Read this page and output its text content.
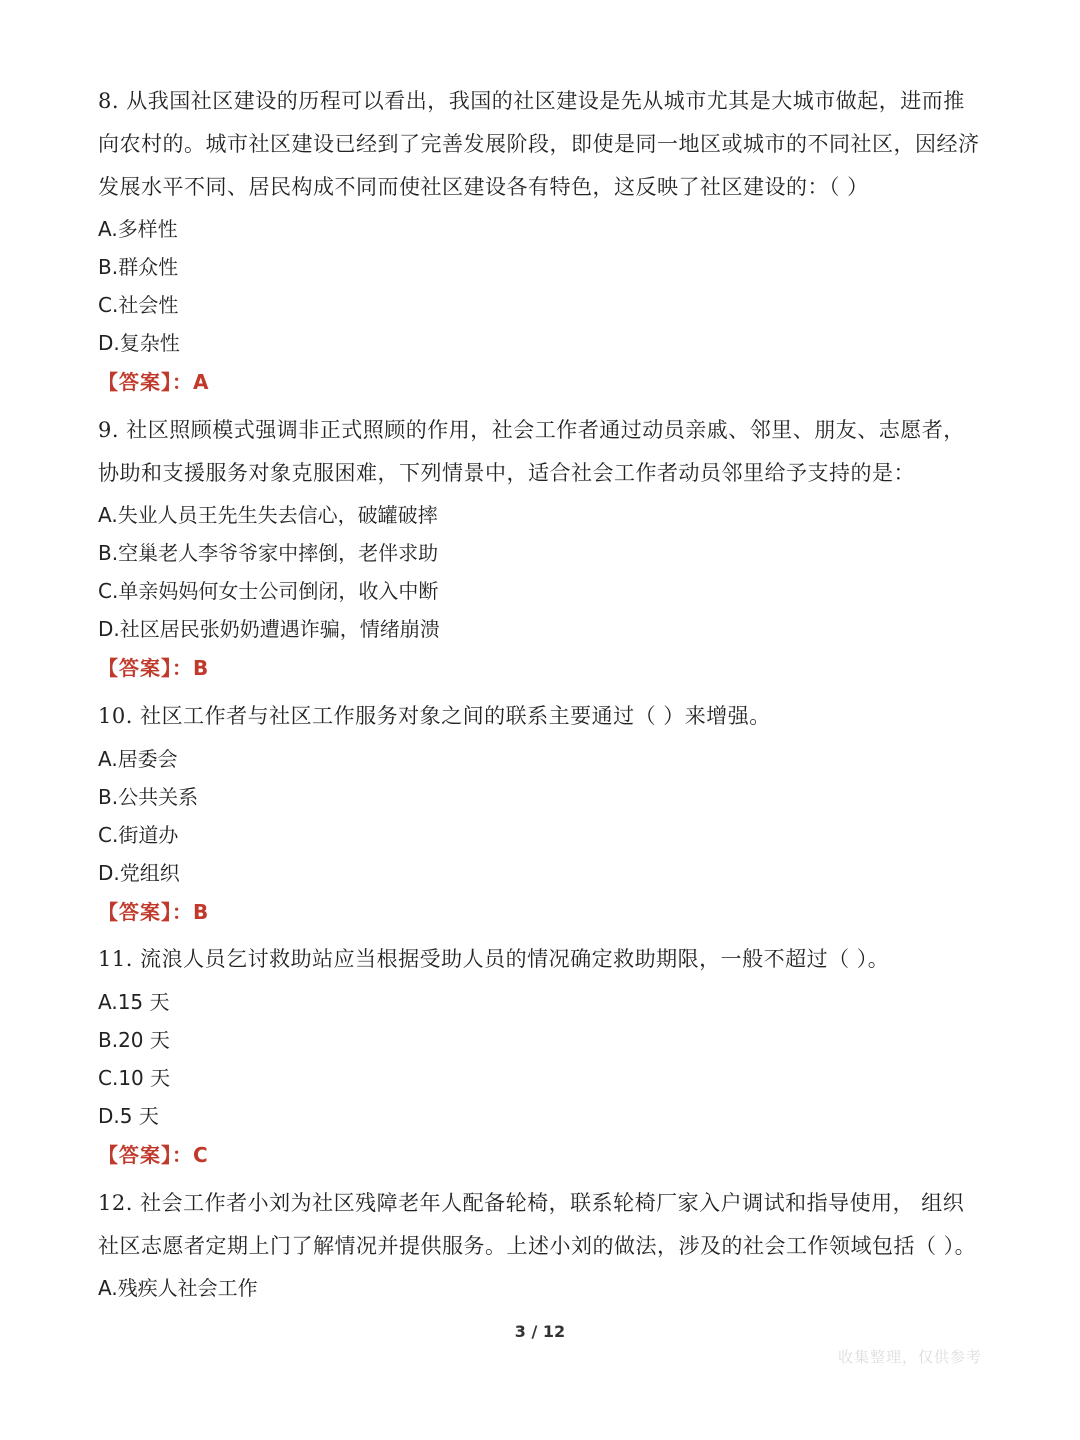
8. 从我国社区建设的历程可以看出，我国的社区建设是先从城市尤其是大城市做起，进而推向农村的。城市社区建设已经到了完善发展阶段，即使是同一地区或城市的不同社区，因经济发展水平不同、居民构成不同而使社区建设各有特色，这反映了社区建设的：（ ）
A.多样性
B.群众性
C.社会性
D.复杂性
【答案】：A
9. 社区照顾模式强调非正式照顾的作用，社会工作者通过动员亲戚、邻里、朋友、志愿者，协助和支援服务对象克服困难，下列情景中，适合社会工作者动员邻里给予支持的是：
A.失业人员王先生失去信心，破罐破摔
B.空巢老人李爷爷家中摔倒，老伴求助
C.单亲妈妈何女士公司倒闭，收入中断
D.社区居民张奶奶遭遇诈骗，情绪崩溃
【答案】：B
10. 社区工作者与社区工作服务对象之间的联系主要通过（ ）来增强。
A.居委会
B.公共关系
C.街道办
D.党组织
【答案】：B
11. 流浪人员乞讨救助站应当根据受助人员的情况确定救助期限，一般不超过（ ）。
A.15 天
B.20 天
C.10 天
D.5 天
【答案】：C
12. 社会工作者小刘为社区残障老年人配备轮椅，联系轮椅厂家入户调试和指导使用， 组织社区志愿者定期上门了解情况并提供服务。上述小刘的做法，涉及的社会工作领域包括（ ）。
A.残疾人社会工作
3 / 12
收集整理，仅供参考
